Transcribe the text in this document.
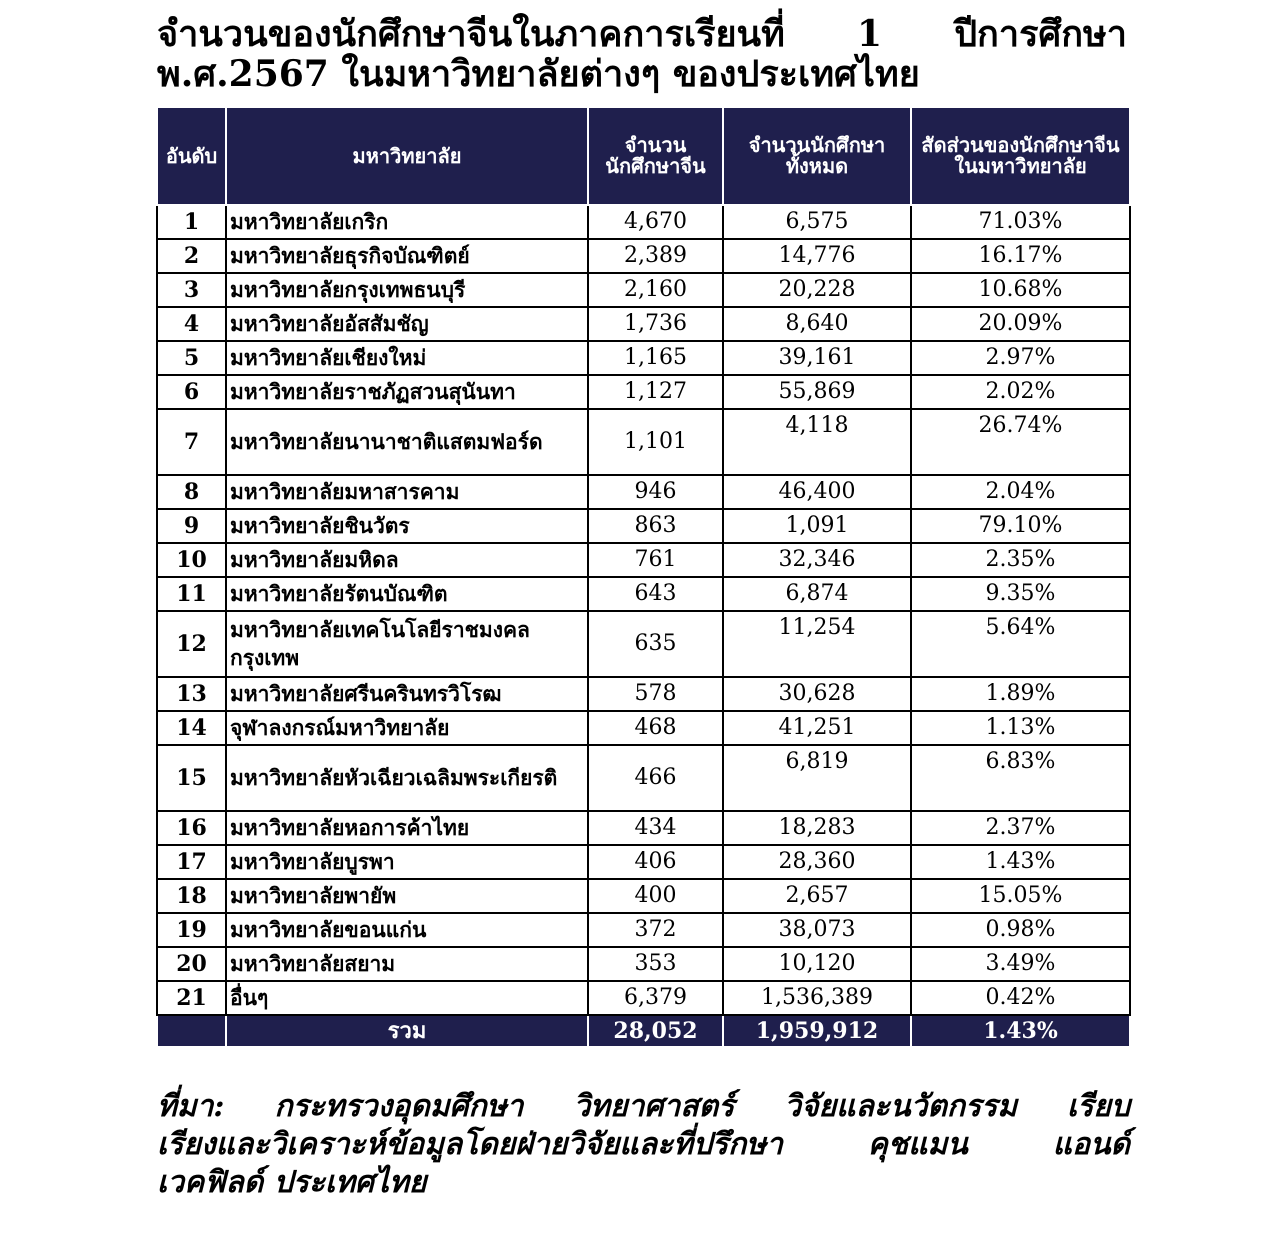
จำนวนของนักศึกษาจีนในภาคการเรียนที่ 1 ปีการศึกษา
พ.ศ.2567 ในมหาวิทยาลัยต่างๆ ของประเทศไทย
อันดับ	มหาวิทยาลัย	จำนวนนักศึกษาจีน	จำนวนนักศึกษาทั้งหมด	สัดส่วนของนักศึกษาจีนในมหาวิทยาลัย
1	มหาวิทยาลัยเกริก	4,670	6,575	71.03%
2	มหาวิทยาลัยธุรกิจบัณฑิตย์	2,389	14,776	16.17%
3	มหาวิทยาลัยกรุงเทพธนบุรี	2,160	20,228	10.68%
4	มหาวิทยาลัยอัสสัมชัญ	1,736	8,640	20.09%
5	มหาวิทยาลัยเชียงใหม่	1,165	39,161	2.97%
6	มหาวิทยาลัยราชภัฏสวนสุนันทา	1,127	55,869	2.02%
7	มหาวิทยาลัยนานาชาติแสตมฟอร์ด	1,101	4,118	26.74%
8	มหาวิทยาลัยมหาสารคาม	946	46,400	2.04%
9	มหาวิทยาลัยชินวัตร	863	1,091	79.10%
10	มหาวิทยาลัยมหิดล	761	32,346	2.35%
11	มหาวิทยาลัยรัตนบัณฑิต	643	6,874	9.35%
12	มหาวิทยาลัยเทคโนโลยีราชมงคลกรุงเทพ	635	11,254	5.64%
13	มหาวิทยาลัยศรีนครินทรวิโรฒ	578	30,628	1.89%
14	จุฬาลงกรณ์มหาวิทยาลัย	468	41,251	1.13%
15	มหาวิทยาลัยหัวเฉียวเฉลิมพระเกียรติ	466	6,819	6.83%
16	มหาวิทยาลัยหอการค้าไทย	434	18,283	2.37%
17	มหาวิทยาลัยบูรพา	406	28,360	1.43%
18	มหาวิทยาลัยพายัพ	400	2,657	15.05%
19	มหาวิทยาลัยขอนแก่น	372	38,073	0.98%
20	มหาวิทยาลัยสยาม	353	10,120	3.49%
21	อื่นๆ	6,379	1,536,389	0.42%
	รวม	28,052	1,959,912	1.43%
ที่มา: กระทรวงอุดมศึกษา วิทยาศาสตร์ วิจัยและนวัตกรรม เรียบ
เรียงและวิเคราะห์ข้อมูลโดยฝ่ายวิจัยและที่ปรึกษา คุชแมน แอนด์
เวคฟิลด์ ประเทศไทย
